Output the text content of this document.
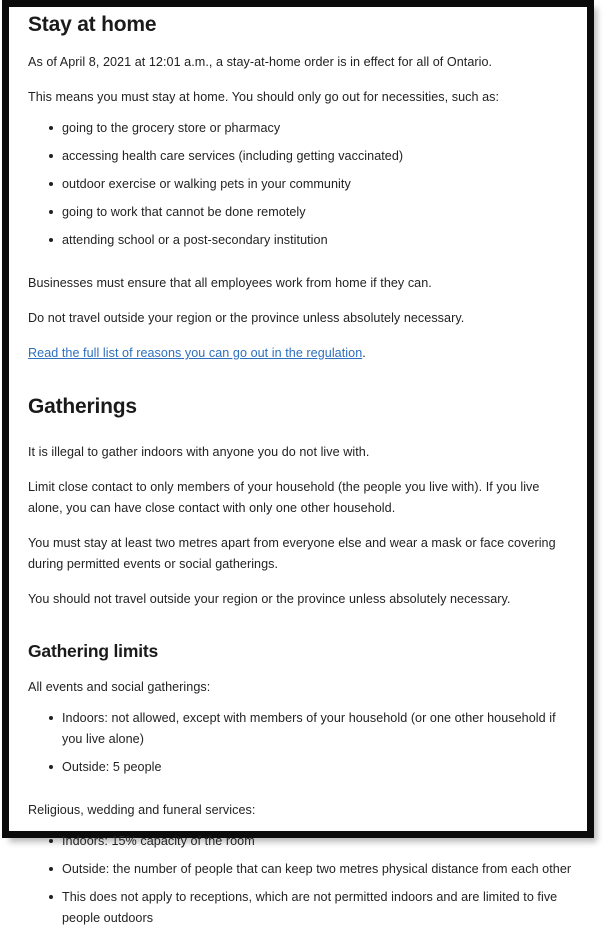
Stay at home

As of April 8, 2021 at 12:01 a.m., a stay-at-home order is in effect for all of Ontario.

This means you must stay at home. You should only go out for necessities, such as:

going to the grocery store or pharmacy
accessing health care services (including getting vaccinated)
outdoor exercise or walking pets in your community
going to work that cannot be done remotely
attending school or a post-secondary institution

Businesses must ensure that all employees work from home if they can.

Do not travel outside your region or the province unless absolutely necessary.

Read the full list of reasons you can go out in the regulation.

Gatherings

It is illegal to gather indoors with anyone you do not live with.

Limit close contact to only members of your household (the people you live with). If you live alone, you can have close contact with only one other household.

You must stay at least two metres apart from everyone else and wear a mask or face covering during permitted events or social gatherings.

You should not travel outside your region or the province unless absolutely necessary.

Gathering limits

All events and social gatherings:

Indoors: not allowed, except with members of your household (or one other household if you live alone)
Outside: 5 people

Religious, wedding and funeral services:

Indoors: 15% capacity of the room
Outside: the number of people that can keep two metres physical distance from each other
This does not apply to receptions, which are not permitted indoors and are limited to five people outdoors
